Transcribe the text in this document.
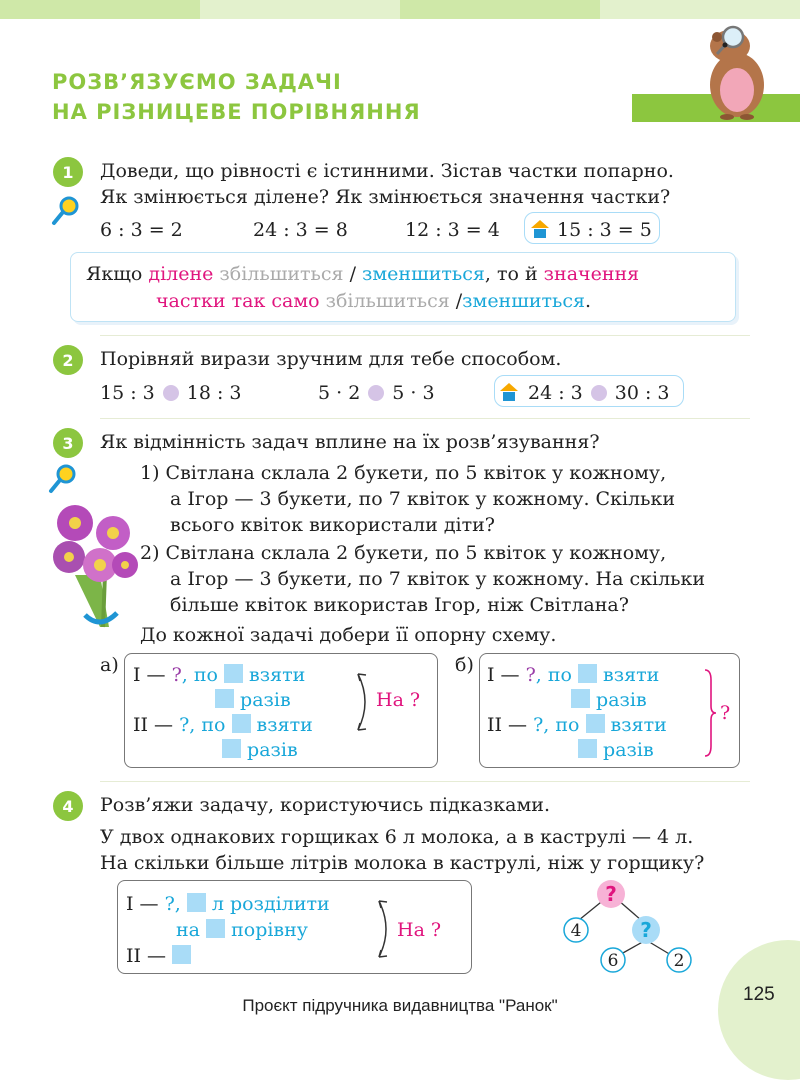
РОЗВ’ЯЗУЄМО ЗАДАЧІ
НА РІЗНИЦЕВЕ ПОРІВНЯННЯ
1	Доведи, що рівності є істинними. Зістав частки попарно.
Як змінюється ділене? Як змінюється значення частки?
6 : 3 = 2	24 : 3 = 8	12 : 3 = 4	15 : 3 = 5
Якщо ділене збільшиться / зменшиться, то й значення
частки так само збільшиться /зменшиться.
2	Порівняй вирази зручним для тебе способом.
15 : 3 18 : 3	5 · 2 5 · 3	24 : 3 30 : 3
3	Як відмінність задач вплине на їх розв’язування?
1) Світлана склала 2 букети, по 5 квіток у кожному,
а Ігор — 3 букети, по 7 квіток у кожному. Скільки
всього квіток використали діти?
2) Світлана склала 2 букети, по 5 квіток у кожному,
а Ігор — 3 букети, по 7 квіток у кожному. На скільки
більше квіток використав Ігор, ніж Світлана?
До кожної задачі добери її опорну схему.
а) І — ?, по  взяти
разів
ІІ — ?, по  взяти
разів
На ?
б) І — ?, по  взяти
разів
ІІ — ?, по  взяти
разів
?
4	Розв’яжи задачу, користуючись підказками.
У двох однакових горщиках 6 л молока, а в каструлі — 4 л.
На скільки більше літрів молока в каструлі, ніж у горщику?
І — ?,  л розділити
на  порівну
ІІ —
На ?
?
?
4
6	2
Проєкт підручника видавництва "Ранок"
125
